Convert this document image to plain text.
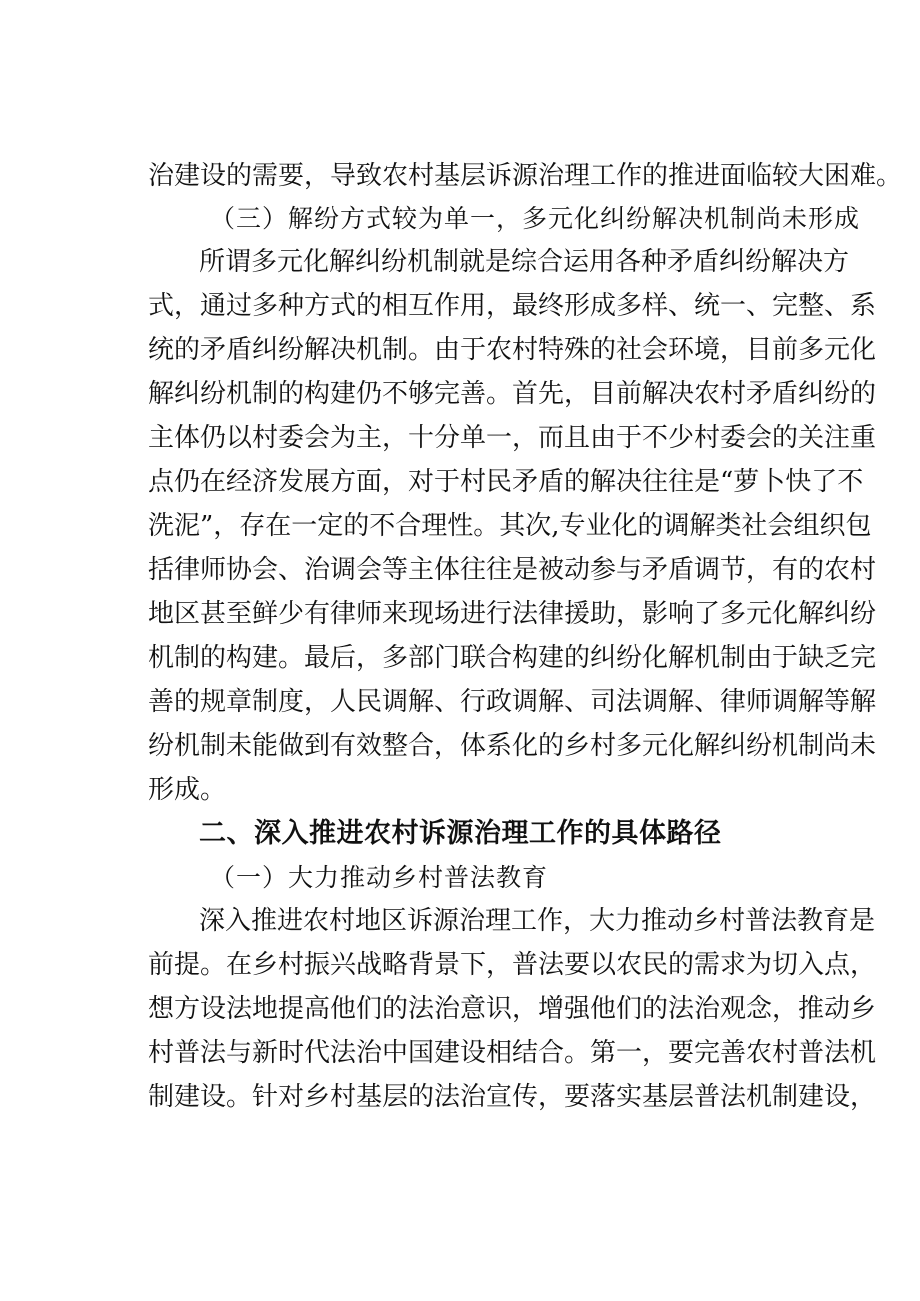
治建设的需要，导致农村基层诉源治理工作的推进面临较大困难。
（三）解纷方式较为单一，多元化纠纷解决机制尚未形成
所谓多元化解纠纷机制就是综合运用各种矛盾纠纷解决方
式，通过多种方式的相互作用，最终形成多样、统一、完整、系
统的矛盾纠纷解决机制。由于农村特殊的社会环境，目前多元化
解纠纷机制的构建仍不够完善。首先，目前解决农村矛盾纠纷的
主体仍以村委会为主，十分单一，而且由于不少村委会的关注重
点仍在经济发展方面，对于村民矛盾的解决往往是“萝卜快了不
洗泥”，存在一定的不合理性。其次,专业化的调解类社会组织包
括律师协会、治调会等主体往往是被动参与矛盾调节，有的农村
地区甚至鲜少有律师来现场进行法律援助，影响了多元化解纠纷
机制的构建。最后，多部门联合构建的纠纷化解机制由于缺乏完
善的规章制度，人民调解、行政调解、司法调解、律师调解等解
纷机制未能做到有效整合，体系化的乡村多元化解纠纷机制尚未
形成。
二、深入推进农村诉源治理工作的具体路径
（一）大力推动乡村普法教育
深入推进农村地区诉源治理工作，大力推动乡村普法教育是
前提。在乡村振兴战略背景下，普法要以农民的需求为切入点，
想方设法地提高他们的法治意识，增强他们的法治观念，推动乡
村普法与新时代法治中国建设相结合。第一，要完善农村普法机
制建设。针对乡村基层的法治宣传，要落实基层普法机制建设，
